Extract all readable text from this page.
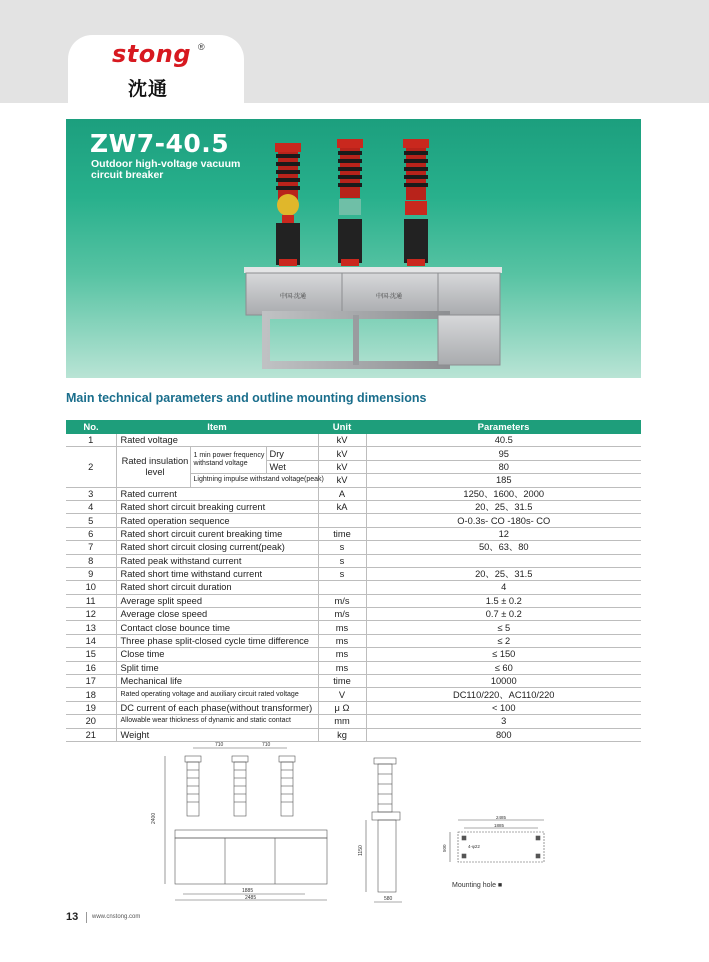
stong ®
沈通
ZW7-40.5
Outdoor high-voltage vacuum
circuit breaker
中国·沈通	中国·沈通
Main technical parameters and outline mounting dimensions
No.	Item			Unit	Parameters
1	Rated voltage			kV	40.5
2	Rated insulation level	1 min power frequency withstand voltage	Dry	kV	95
			Wet	kV	80
		Lightning impulse withstand voltage(peak)		kV	185
3	Rated current			A	1250、1600、2000
4	Rated short circuit breaking current			kA	20、25、31.5
5	Rated operation sequence				O-0.3s- CO -180s- CO
6	Rated short circuit curent breaking time			time	12
7	Rated short circuit closing current(peak)			s	50、63、80
8	Rated peak withstand current			s	
9	Rated short time withstand current			s	20、25、31.5
10	Rated short circuit duration				4
11	Average split speed			m/s	1.5 ± 0.2
12	Average close speed			m/s	0.7 ± 0.2
13	Contact close bounce time			ms	≤ 5
14	Three phase split-closed cycle time difference			ms	≤ 2
15	Close time			ms	≤ 150
16	Split time			ms	≤ 60
17	Mechanical life			time	10000
18	Rated operating voltage and auxiliary circuit rated voltage			V	DC110/220、AC110/220
19	DC current of each phase(without transformer)			μ Ω	< 100
20	Allowable wear thickness of dynamic and static contact			mm	3
21	Weight			kg	800
710	710
2400
1885
2485
1150
580
2485
1885
500	4-φ22
Mounting hole ■
13 www.cnstong.com
